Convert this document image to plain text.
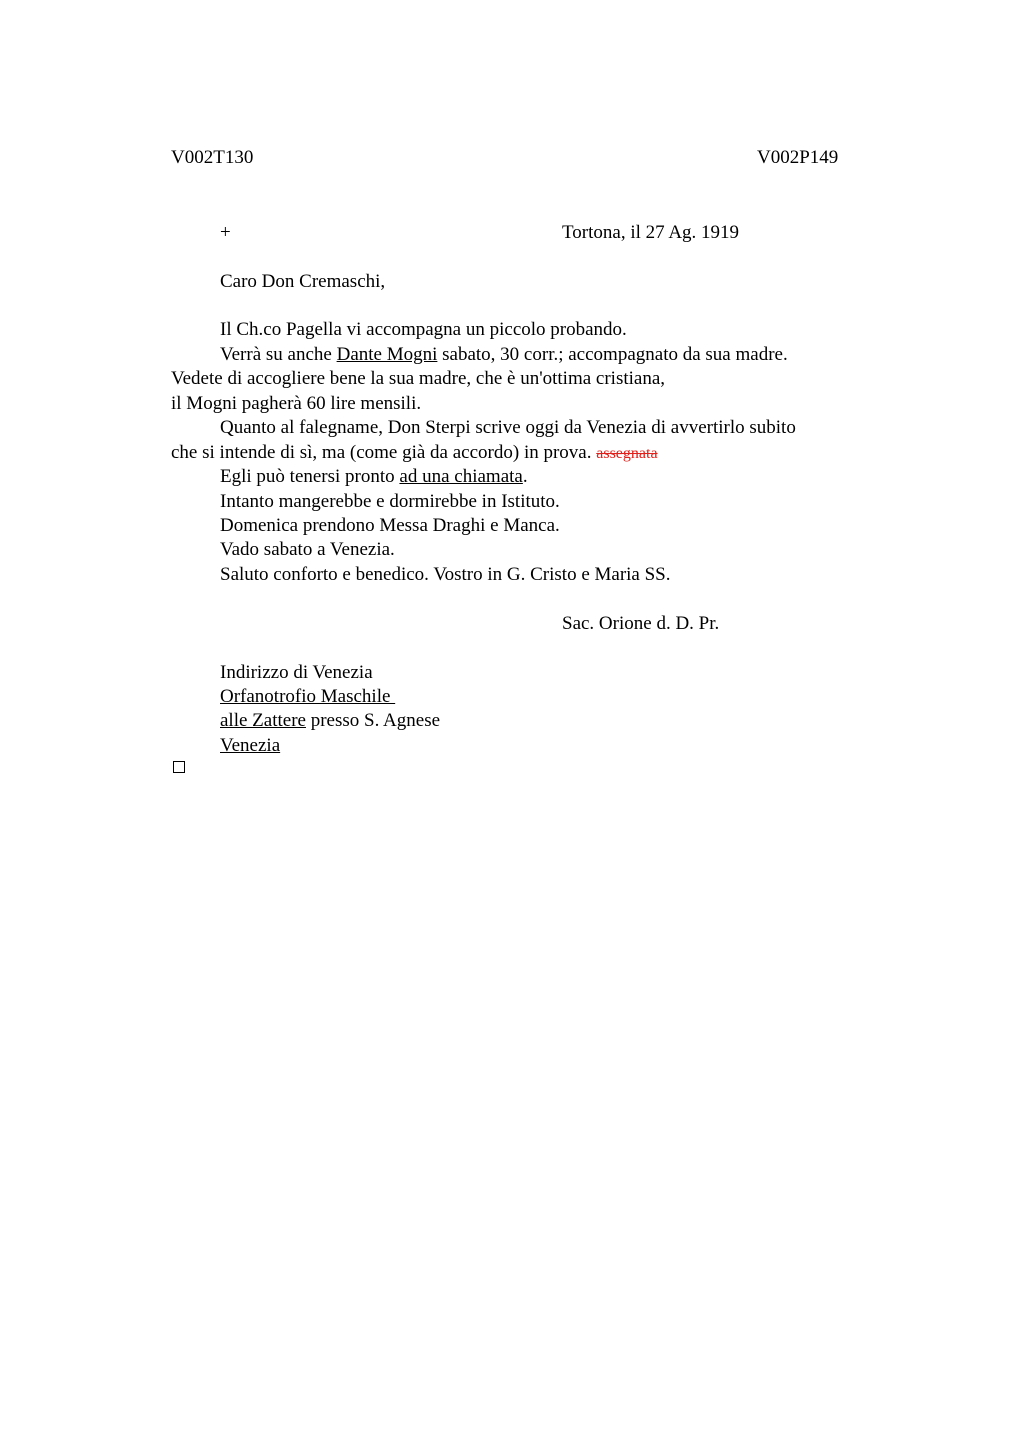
V002T130	V002P149
+	Tortona, il 27 Ag. 1919
Caro Don Cremaschi,
Il Ch.co Pagella vi accompagna un piccolo probando.
Verrà su anche Dante Mogni sabato, 30 corr.; accompagnato da sua madre.
Vedete di accogliere bene la sua madre, che è un'ottima cristiana,
il Mogni pagherà 60 lire mensili.
Quanto al falegname, Don Sterpi scrive oggi da Venezia di avvertirlo subito
che si intende di sì, ma (come già da accordo) in prova. assegnata
Egli può tenersi pronto ad una chiamata.
Intanto mangerebbe e dormirebbe in Istituto.
Domenica prendono Messa Draghi e Manca.
Vado sabato a Venezia.
Saluto conforto e benedico. Vostro in G. Cristo e Maria SS.
Sac. Orione d. D. Pr.
Indirizzo di Venezia
Orfanotrofio Maschile
alle Zattere presso S. Agnese
Venezia
